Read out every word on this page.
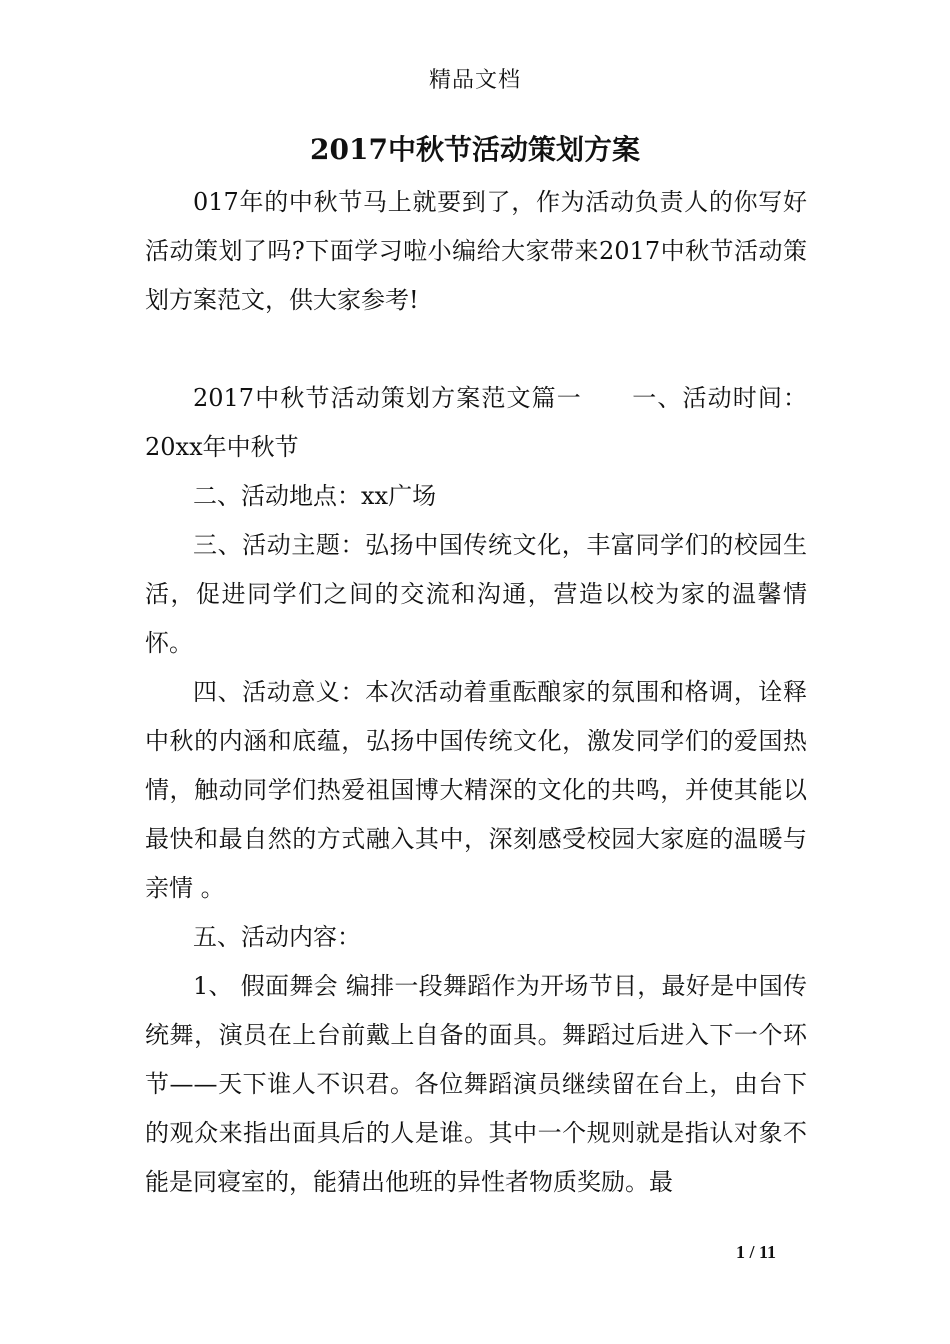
精品文档
2017中秋节活动策划方案

017年的中秋节马上就要到了，作为活动负责人的你写好活动策划了吗?下面学习啦小编给大家带来2017中秋节活动策划方案范文，供大家参考!

2017中秋节活动策划方案范文篇一　　一、活动时间：20xx年中秋节

二、活动地点：xx广场

三、活动主题：弘扬中国传统文化，丰富同学们的校园生活，促进同学们之间的交流和沟通，营造以校为家的温馨情怀。

四、活动意义：本次活动着重酝酿家的氛围和格调，诠释中秋的内涵和底蕴，弘扬中国传统文化，激发同学们的爱国热情，触动同学们热爱祖国博大精深的文化的共鸣，并使其能以最快和最自然的方式融入其中，深刻感受校园大家庭的温暖与亲情 。

五、活动内容：

1、 假面舞会 编排一段舞蹈作为开场节目，最好是中国传统舞，演员在上台前戴上自备的面具。舞蹈过后进入下一个环节——天下谁人不识君。各位舞蹈演员继续留在台上，由台下的观众来指出面具后的人是谁。其中一个规则就是指认对象不能是同寝室的，能猜出他班的异性者物质奖励。最

1 / 11
